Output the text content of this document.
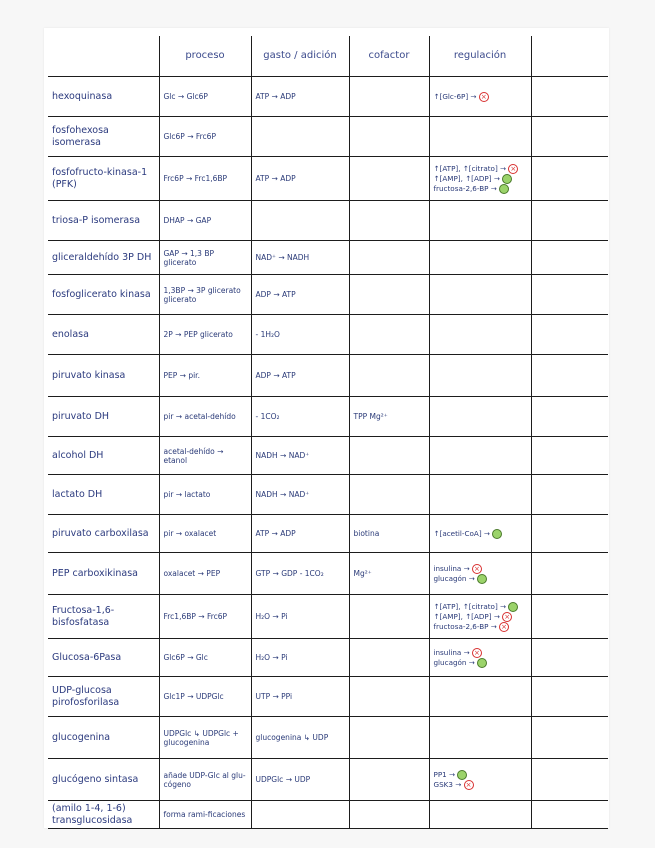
	proceso	gasto / adición	cofactor	regulación	
hexoquinasa	Glc → Glc6P	ATP → ADP		↑[Glc-6P] → ×	

fosfohexosa isomerasa	Glc6P → Frc6P				
fosfofructo-kinasa-1 (PFK)	Frc6P → Frc1,6BP	ATP → ADP		↑[ATP], ↑[citrato] → ×
↑[AMP], ↑[ADP] →
fructosa-2,6-BP →	

triosa-P isomerasa	DHAP → GAP				
gliceraldehído 3P DH	GAP → 1,3 BP glicerato	NAD⁺ → NADH			
fosfoglicerato kinasa	1,3BP → 3P glicerato glicerato	ADP → ATP			
enolasa	2P → PEP glicerato	- 1H₂O			
piruvato kinasa	PEP → pir.	ADP → ATP			
piruvato DH	pir → acetal-dehído	- 1CO₂	TPP Mg²⁺		
alcohol DH	acetal-dehído → etanol	NADH → NAD⁺			
lactato DH	pir → lactato	NADH → NAD⁺			
piruvato carboxilasa	pir → oxalacet	ATP → ADP	biotina	↑[acetil-CoA] →	

PEP carboxikinasa	oxalacet → PEP	GTP → GDP - 1CO₂	Mg²⁺	insulina → ×
glucagón →	

Fructosa-1,6-bisfosfatasa	Frc1,6BP → Frc6P	H₂O → Pi		↑[ATP], ↑[citrato] →
↑[AMP], ↑[ADP] → ×
fructosa-2,6-BP → ×	

Glucosa-6Pasa	Glc6P → Glc	H₂O → Pi		insulina → ×
glucagón →	

UDP-glucosa pirofosforilasa	Glc1P → UDPGlc	UTP → PPi			
glucogenina	UDPGlc ↳ UDPGlc + glucogenina	glucogenina ↳ UDP			
glucógeno sintasa	añade UDP-Glc al glu-cógeno	UDPGlc → UDP		PP1 →
GSK3 → ×	

(amilo 1-4, 1-6) transglucosidasa	forma rami-ficaciones				
